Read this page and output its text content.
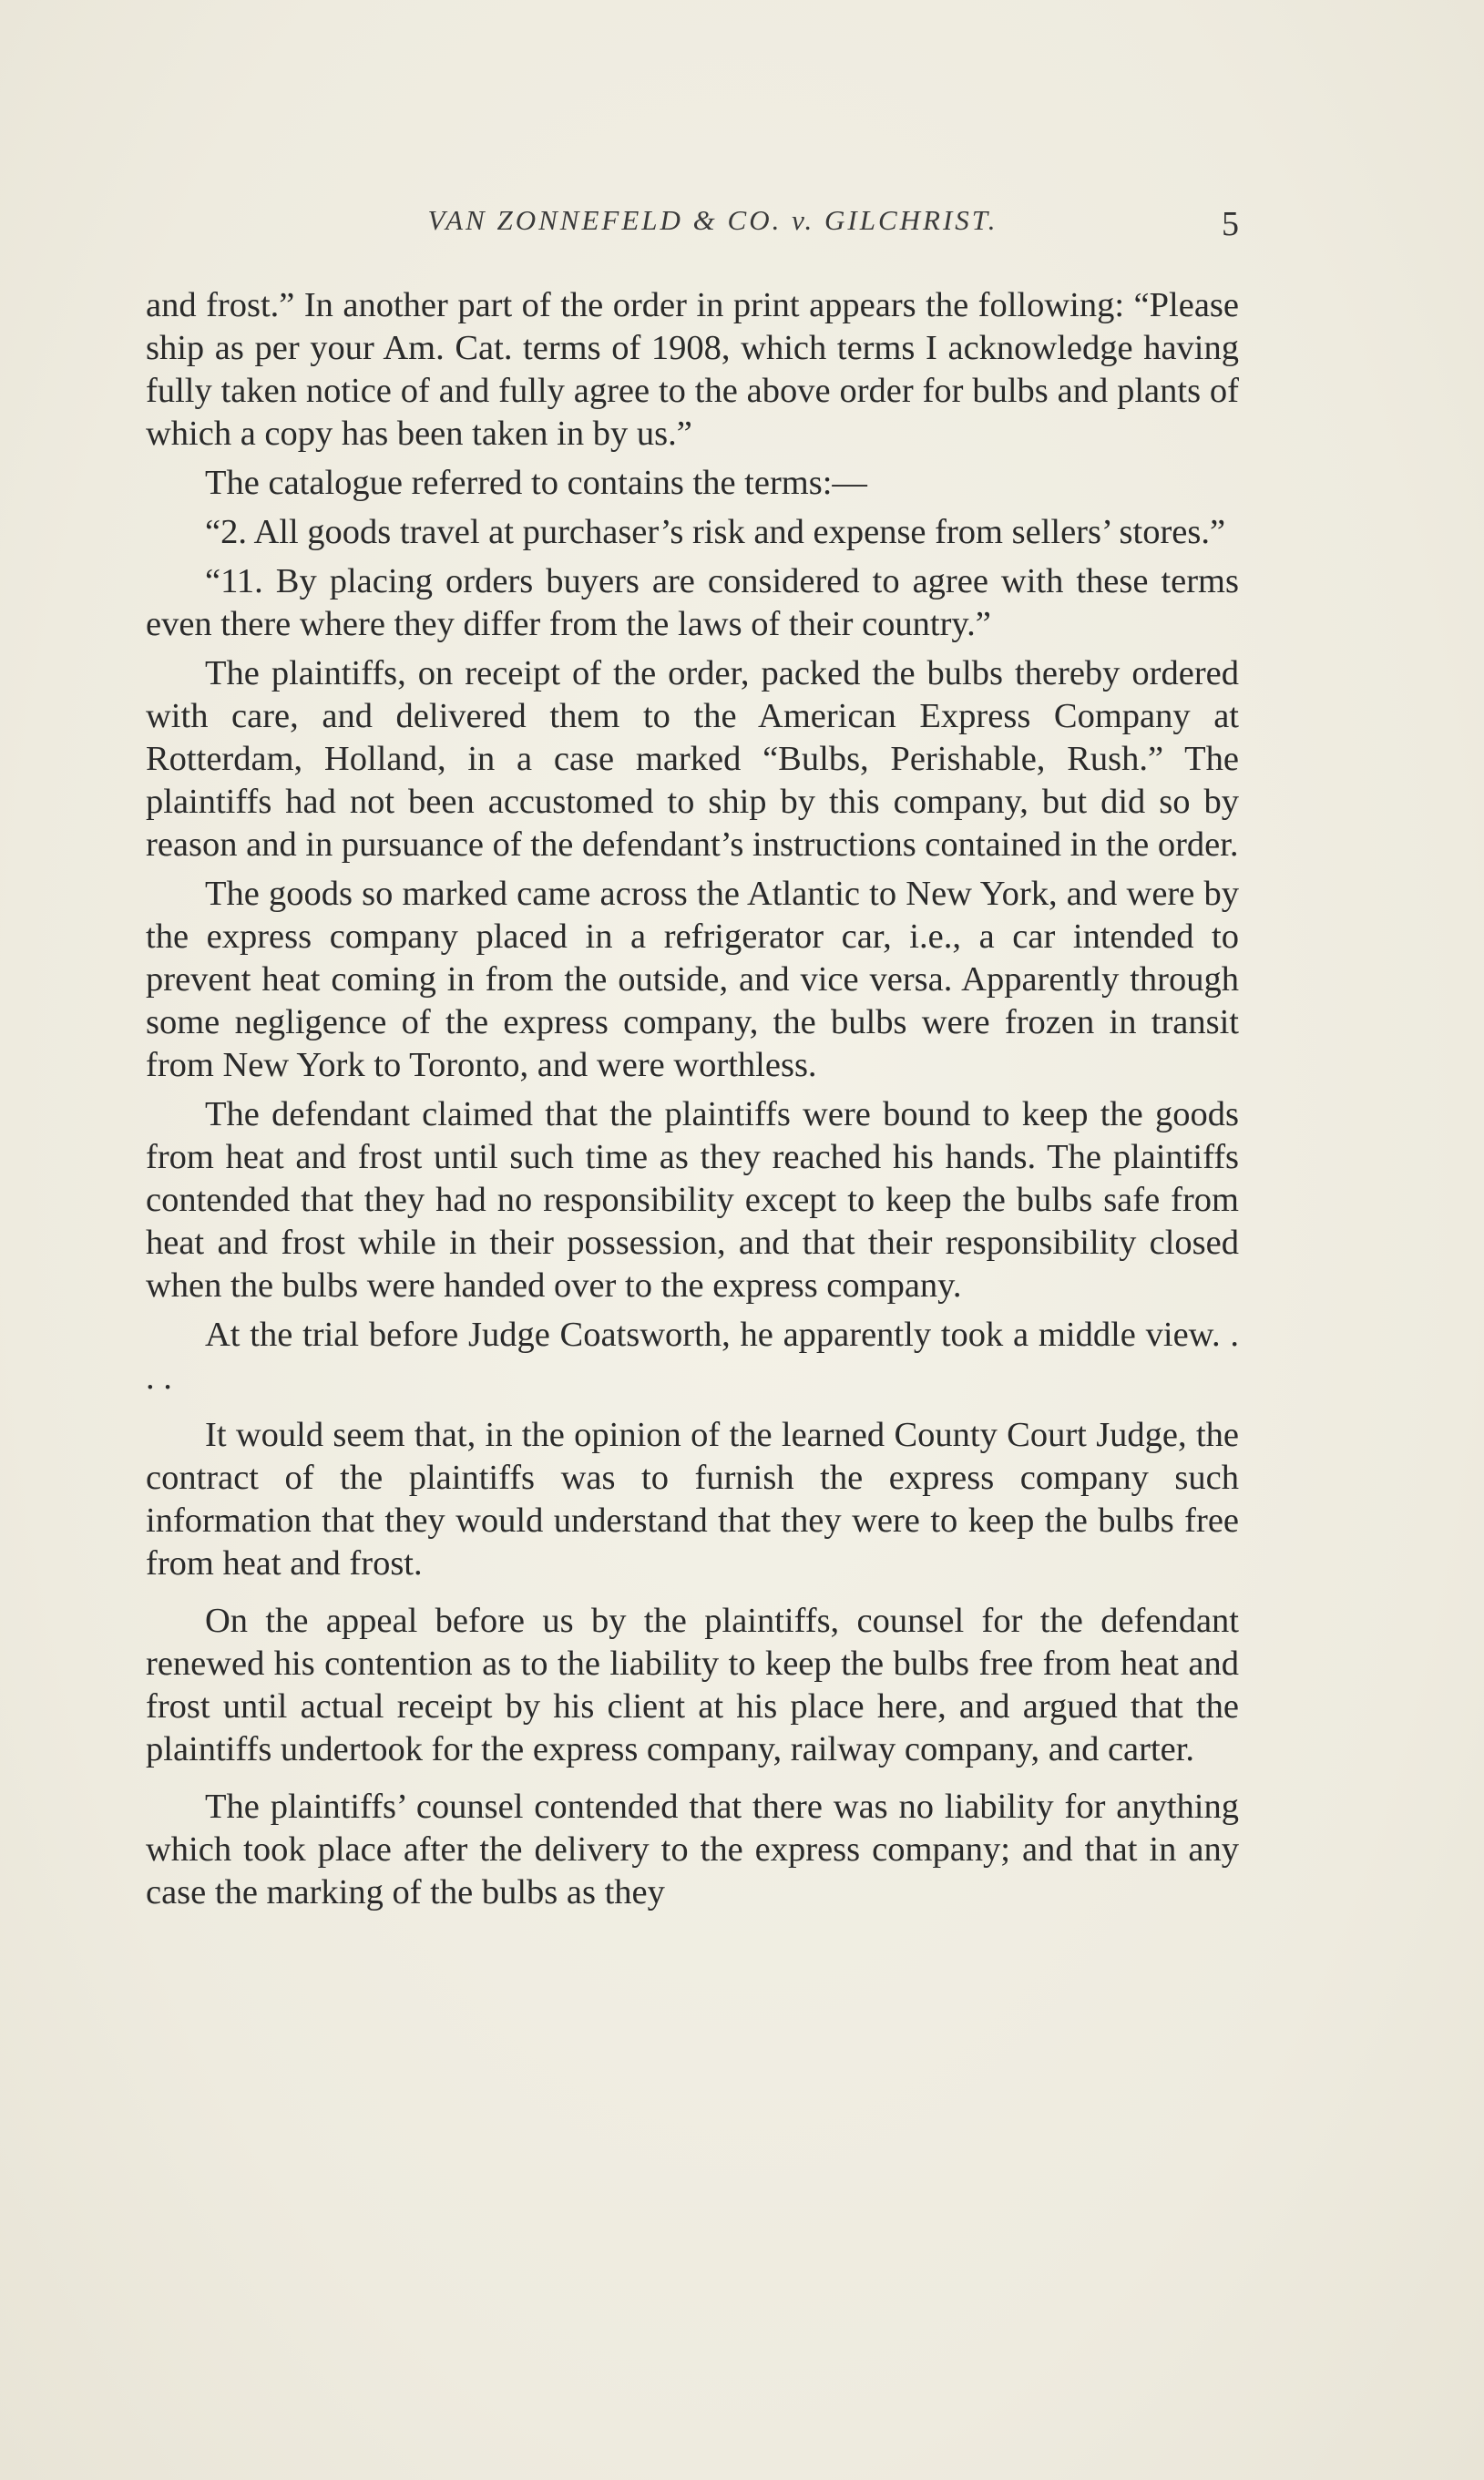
VAN ZONNEFELD & CO. v. GILCHRIST.	5

and frost.” In another part of the order in print appears the following: “Please ship as per your Am. Cat. terms of 1908, which terms I acknowledge having fully taken notice of and fully agree to the above order for bulbs and plants of which a copy has been taken in by us.”

The catalogue referred to contains the terms:—

“2. All goods travel at purchaser’s risk and expense from sellers’ stores.”

“11. By placing orders buyers are considered to agree with these terms even there where they differ from the laws of their country.”

The plaintiffs, on receipt of the order, packed the bulbs thereby ordered with care, and delivered them to the American Express Company at Rotterdam, Holland, in a case marked “Bulbs, Perishable, Rush.” The plaintiffs had not been accustomed to ship by this company, but did so by reason and in pursuance of the defendant’s instructions contained in the order.

The goods so marked came across the Atlantic to New York, and were by the express company placed in a refrigerator car, i.e., a car intended to prevent heat coming in from the outside, and vice versa. Apparently through some negligence of the express company, the bulbs were frozen in transit from New York to Toronto, and were worthless.

The defendant claimed that the plaintiffs were bound to keep the goods from heat and frost until such time as they reached his hands. The plaintiffs contended that they had no responsibility except to keep the bulbs safe from heat and frost while in their possession, and that their responsibility closed when the bulbs were handed over to the express company.

At the trial before Judge Coatsworth, he apparently took a middle view. . . .

It would seem that, in the opinion of the learned County Court Judge, the contract of the plaintiffs was to furnish the express company such information that they would understand that they were to keep the bulbs free from heat and frost.

On the appeal before us by the plaintiffs, counsel for the defendant renewed his contention as to the liability to keep the bulbs free from heat and frost until actual receipt by his client at his place here, and argued that the plaintiffs undertook for the express company, railway company, and carter.

The plaintiffs’ counsel contended that there was no liability for anything which took place after the delivery to the express company; and that in any case the marking of the bulbs as they
